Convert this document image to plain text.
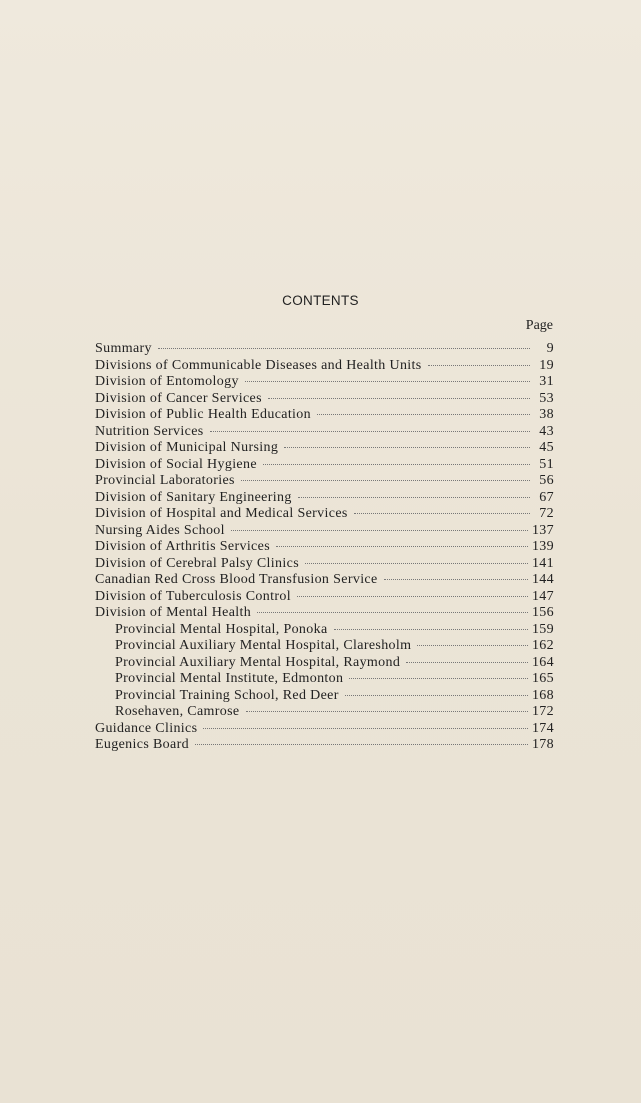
CONTENTS
Page
Summary	9
Divisions of Communicable Diseases and Health Units	19
Division of Entomology	31
Division of Cancer Services	53
Division of Public Health Education	38
Nutrition Services	43
Division of Municipal Nursing	45
Division of Social Hygiene	51
Provincial Laboratories	56
Division of Sanitary Engineering	67
Division of Hospital and Medical Services	72
Nursing Aides School	137
Division of Arthritis Services	139
Division of Cerebral Palsy Clinics	141
Canadian Red Cross Blood Transfusion Service	144
Division of Tuberculosis Control	147
Division of Mental Health	156
Provincial Mental Hospital, Ponoka	159
Provincial Auxiliary Mental Hospital, Claresholm	162
Provincial Auxiliary Mental Hospital, Raymond	164
Provincial Mental Institute, Edmonton	165
Provincial Training School, Red Deer	168
Rosehaven, Camrose	172
Guidance Clinics	174
Eugenics Board	178
